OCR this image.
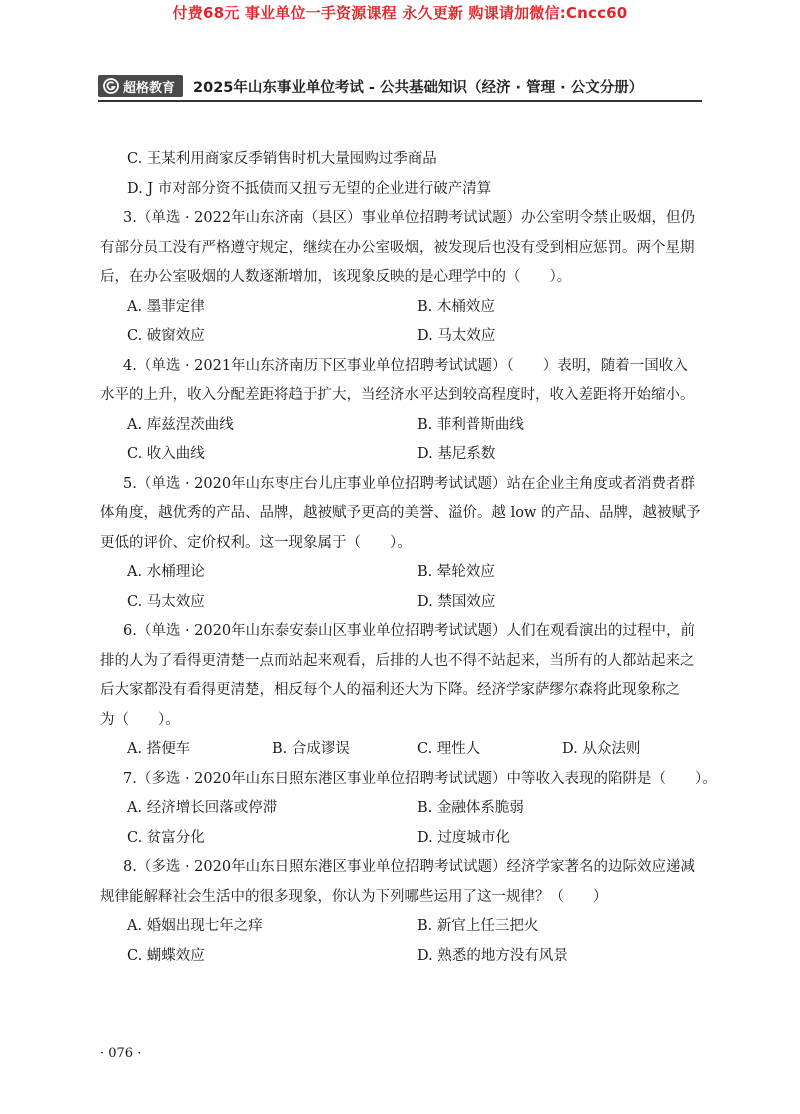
付费68元 事业单位一手资源课程 永久更新 购课请加微信:Cncc60
超格教育 2025年山东事业单位考试 - 公共基础知识（经济 · 管理 · 公文分册）
C. 王某利用商家反季销售时机大量囤购过季商品
D. J 市对部分资不抵债而又扭亏无望的企业进行破产清算
3.（单选 · 2022年山东济南（县区）事业单位招聘考试试题）办公室明令禁止吸烟，但仍
有部分员工没有严格遵守规定，继续在办公室吸烟，被发现后也没有受到相应惩罚。两个星期
后，在办公室吸烟的人数逐渐增加，该现象反映的是心理学中的（　　）。
A. 墨菲定律	B. 木桶效应
C. 破窗效应	D. 马太效应
4.（单选 · 2021年山东济南历下区事业单位招聘考试试题）（　　）表明，随着一国收入
水平的上升，收入分配差距将趋于扩大，当经济水平达到较高程度时，收入差距将开始缩小。
A. 库兹涅茨曲线	B. 菲利普斯曲线
C. 收入曲线	D. 基尼系数
5.（单选 · 2020年山东枣庄台儿庄事业单位招聘考试试题）站在企业主角度或者消费者群
体角度，越优秀的产品、品牌，越被赋予更高的美誉、溢价。越 low 的产品、品牌，越被赋予
更低的评价、定价权利。这一现象属于（　　）。
A. 水桶理论	B. 晕轮效应
C. 马太效应	D. 禁国效应
6.（单选 · 2020年山东泰安泰山区事业单位招聘考试试题）人们在观看演出的过程中，前
排的人为了看得更清楚一点而站起来观看，后排的人也不得不站起来，当所有的人都站起来之
后大家都没有看得更清楚，相反每个人的福利还大为下降。经济学家萨缪尔森将此现象称之
为（　　）。
A. 搭便车	B. 合成谬误	C. 理性人	D. 从众法则
7.（多选 · 2020年山东日照东港区事业单位招聘考试试题）中等收入表现的陷阱是（　　）。
A. 经济增长回落或停滞	B. 金融体系脆弱
C. 贫富分化	D. 过度城市化
8.（多选 · 2020年山东日照东港区事业单位招聘考试试题）经济学家著名的边际效应递减
规律能解释社会生活中的很多现象，你认为下列哪些运用了这一规律？（　　）
A. 婚姻出现七年之痒	B. 新官上任三把火
C. 蝴蝶效应	D. 熟悉的地方没有风景
· 076 ·
